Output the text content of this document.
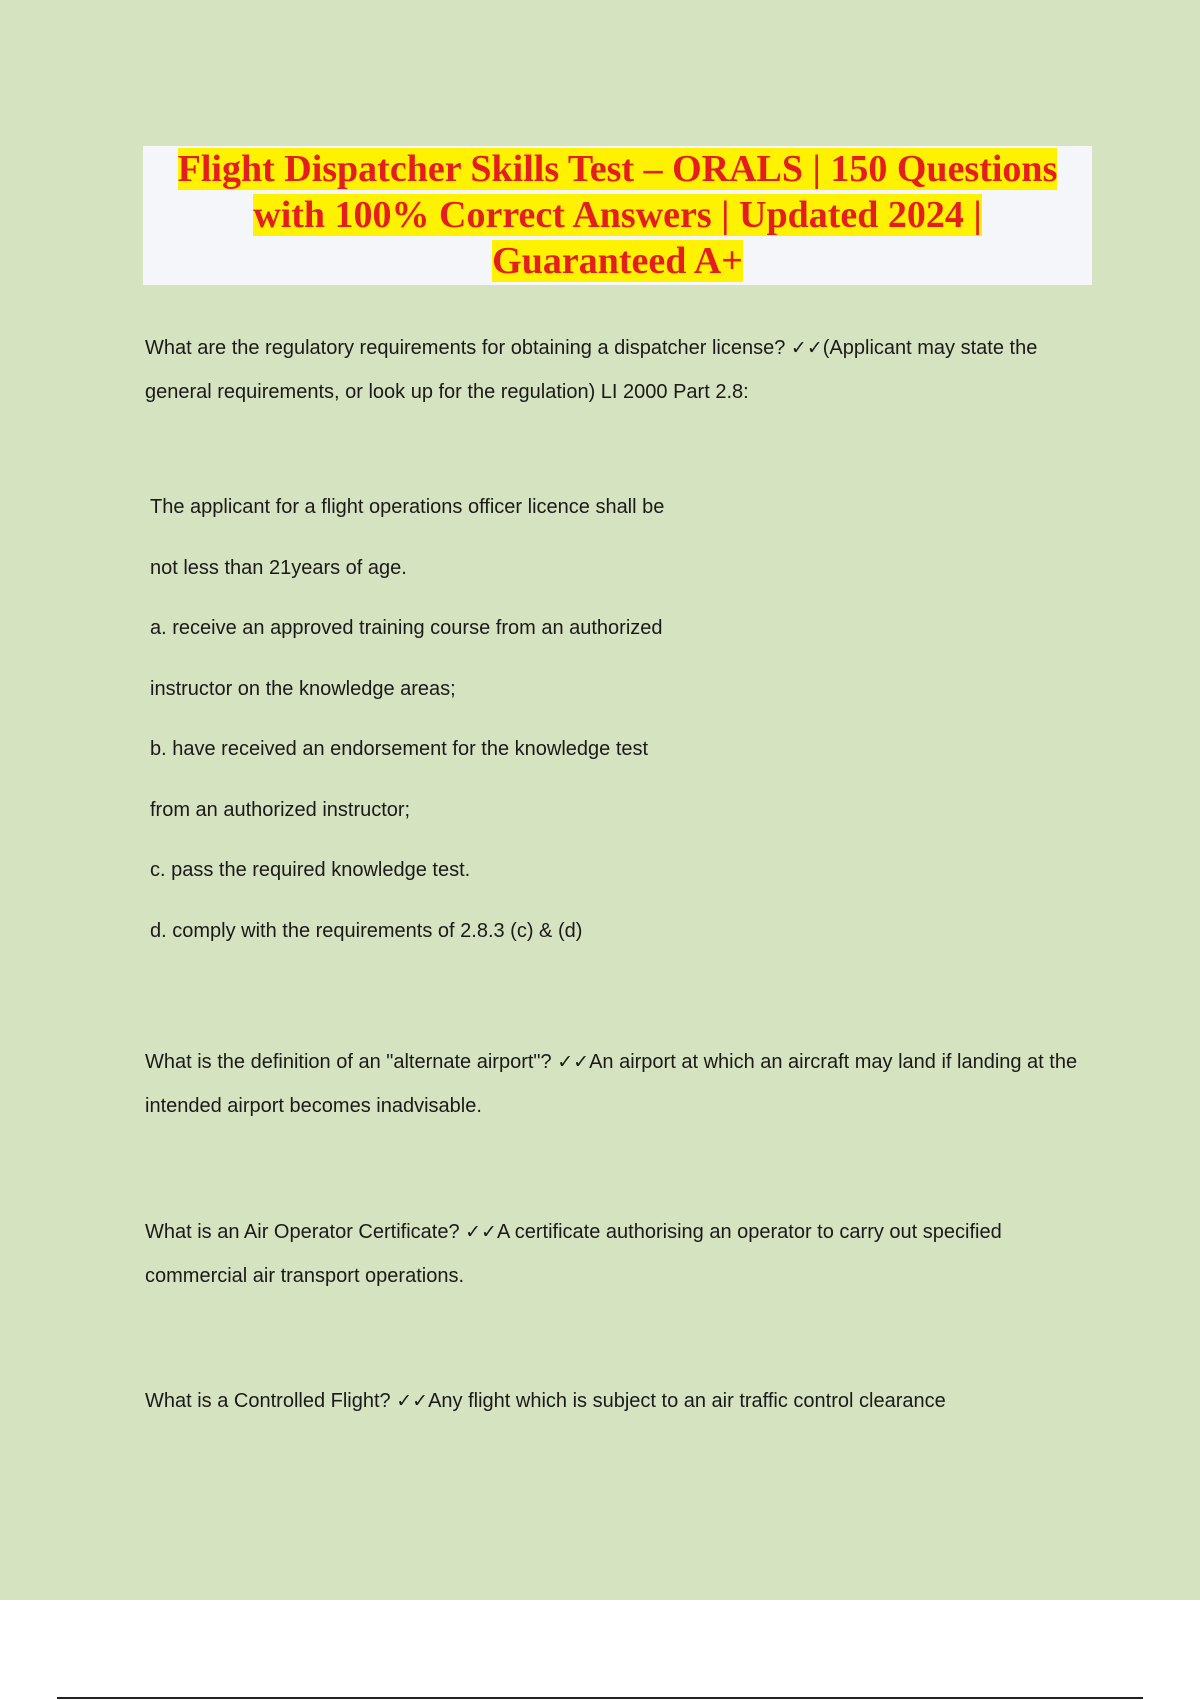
Flight Dispatcher Skills Test – ORALS | 150 Questions
with 100% Correct Answers | Updated 2024 |
Guaranteed A+

What are the regulatory requirements for obtaining a dispatcher license? ✓✓(Applicant may state the general requirements, or look up for the regulation) LI 2000 Part 2.8:

The applicant for a flight operations officer licence shall be
not less than 21years of age.
a. receive an approved training course from an authorized
instructor on the knowledge areas;
b. have received an endorsement for the knowledge test
from an authorized instructor;
c. pass the required knowledge test.
d. comply with the requirements of 2.8.3 (c) & (d)

What is the definition of an "alternate airport"? ✓✓An airport at which an aircraft may land if landing at the intended airport becomes inadvisable.

What is an Air Operator Certificate? ✓✓A certificate authorising an operator to carry out specified commercial air transport operations.

What is a Controlled Flight? ✓✓Any flight which is subject to an air traffic control clearance
